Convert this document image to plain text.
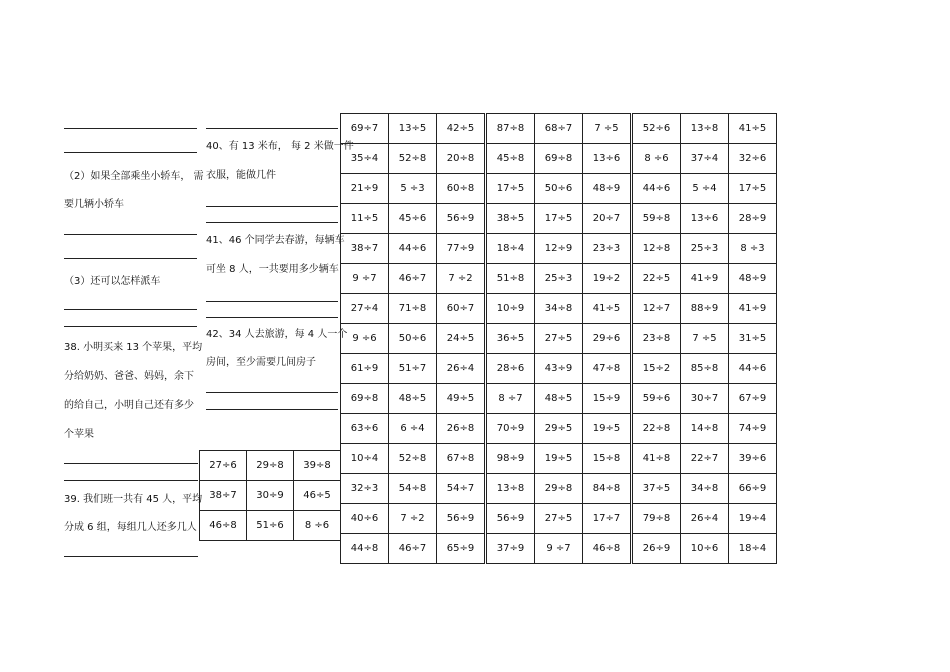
（2）如果全部乘坐小轿车， 需
要几辆小轿车
（3）还可以怎样派车
38. 小明买来 13 个苹果，平均
分给奶奶、爸爸、妈妈，余下
的给自己，小明自己还有多少
个苹果
39. 我们班一共有 45 人，平均
分成 6 组，每组几人还多几人
40、有 13 米布， 每 2 米做一件
衣服，能做几件
41、46 个同学去春游，每辆车
可坐 8 人，一共要用多少辆车
42、34 人去旅游，每 4 人一个
房间，至少需要几间房子
27÷6	29÷8	39÷8
38÷7	30÷9	46÷5
46÷8	51÷6	8 ÷6
69÷7	13÷5	42÷5	87÷8	68÷7	7 ÷5	52÷6	13÷8	41÷5
35÷4	52÷8	20÷8	45÷8	69÷8	13÷6	8 ÷6	37÷4	32÷6
21÷9	5 ÷3	60÷8	17÷5	50÷6	48÷9	44÷6	5 ÷4	17÷5
11÷5	45÷6	56÷9	38÷5	17÷5	20÷7	59÷8	13÷6	28÷9
38÷7	44÷6	77÷9	18÷4	12÷9	23÷3	12÷8	25÷3	8 ÷3
9 ÷7	46÷7	7 ÷2	51÷8	25÷3	19÷2	22÷5	41÷9	48÷9
27÷4	71÷8	60÷7	10÷9	34÷8	41÷5	12÷7	88÷9	41÷9
9 ÷6	50÷6	24÷5	36÷5	27÷5	29÷6	23÷8	7 ÷5	31÷5
61÷9	51÷7	26÷4	28÷6	43÷9	47÷8	15÷2	85÷8	44÷6
69÷8	48÷5	49÷5	8 ÷7	48÷5	15÷9	59÷6	30÷7	67÷9
63÷6	6 ÷4	26÷8	70÷9	29÷5	19÷5	22÷8	14÷8	74÷9
10÷4	52÷8	67÷8	98÷9	19÷5	15÷8	41÷8	22÷7	39÷6
32÷3	54÷8	54÷7	13÷8	29÷8	84÷8	37÷5	34÷8	66÷9
40÷6	7 ÷2	56÷9	56÷9	27÷5	17÷7	79÷8	26÷4	19÷4
44÷8	46÷7	65÷9	37÷9	9 ÷7	46÷8	26÷9	10÷6	18÷4
